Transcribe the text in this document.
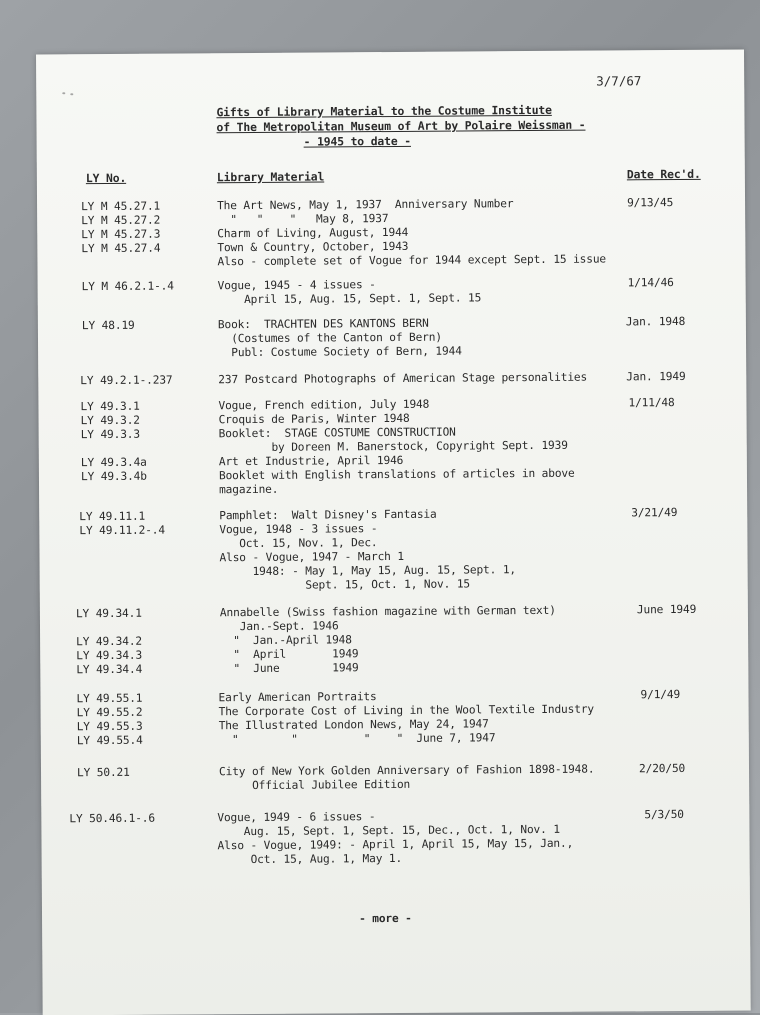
3/7/67
Gifts of Library Material to the Costume Institute
of The Metropolitan Museum of Art by Polaire Weissman -
- 1945 to date -
LY No.	Library Material	Date Rec'd.
LY M 45.27.1	The Art News, May 1, 1937  Anniversary Number	9/13/45
LY M 45.27.2	"   "    "   May 8, 1937
LY M 45.27.3	Charm of Living, August, 1944
LY M 45.27.4	Town & Country, October, 1943
Also - complete set of Vogue for 1944 except Sept. 15 issue
LY M 46.2.1-.4	Vogue, 1945 - 4 issues -	1/14/46
April 15, Aug. 15, Sept. 1, Sept. 15
LY 48.19	Book:  TRACHTEN DES KANTONS BERN	Jan. 1948
(Costumes of the Canton of Bern)
Publ: Costume Society of Bern, 1944
LY 49.2.1-.237	237 Postcard Photographs of American Stage personalities	Jan. 1949
LY 49.3.1	Vogue, French edition, July 1948	1/11/48
LY 49.3.2	Croquis de Paris, Winter 1948
LY 49.3.3	Booklet:  STAGE COSTUME CONSTRUCTION
by Doreen M. Banerstock, Copyright Sept. 1939
LY 49.3.4a	Art et Industrie, April 1946
LY 49.3.4b	Booklet with English translations of articles in above
magazine.
LY 49.11.1	Pamphlet:  Walt Disney's Fantasia	3/21/49
LY 49.11.2-.4	Vogue, 1948 - 3 issues -
Oct. 15, Nov. 1, Dec.
Also - Vogue, 1947 - March 1
1948: - May 1, May 15, Aug. 15, Sept. 1,
Sept. 15, Oct. 1, Nov. 15
LY 49.34.1	Annabelle (Swiss fashion magazine with German text)	June 1949
Jan.-Sept. 1946
LY 49.34.2	"  Jan.-April 1948
LY 49.34.3	"  April       1949
LY 49.34.4	"  June        1949
LY 49.55.1	Early American Portraits	9/1/49
LY 49.55.2	The Corporate Cost of Living in the Wool Textile Industry
LY 49.55.3	The Illustrated London News, May 24, 1947
LY 49.55.4	"        "          "    "  June 7, 1947
LY 50.21	City of New York Golden Anniversary of Fashion 1898-1948.	2/20/50
Official Jubilee Edition
LY 50.46.1-.6	Vogue, 1949 - 6 issues -	5/3/50
Aug. 15, Sept. 1, Sept. 15, Dec., Oct. 1, Nov. 1
Also - Vogue, 1949: - April 1, April 15, May 15, Jan.,
Oct. 15, Aug. 1, May 1.
- more -
